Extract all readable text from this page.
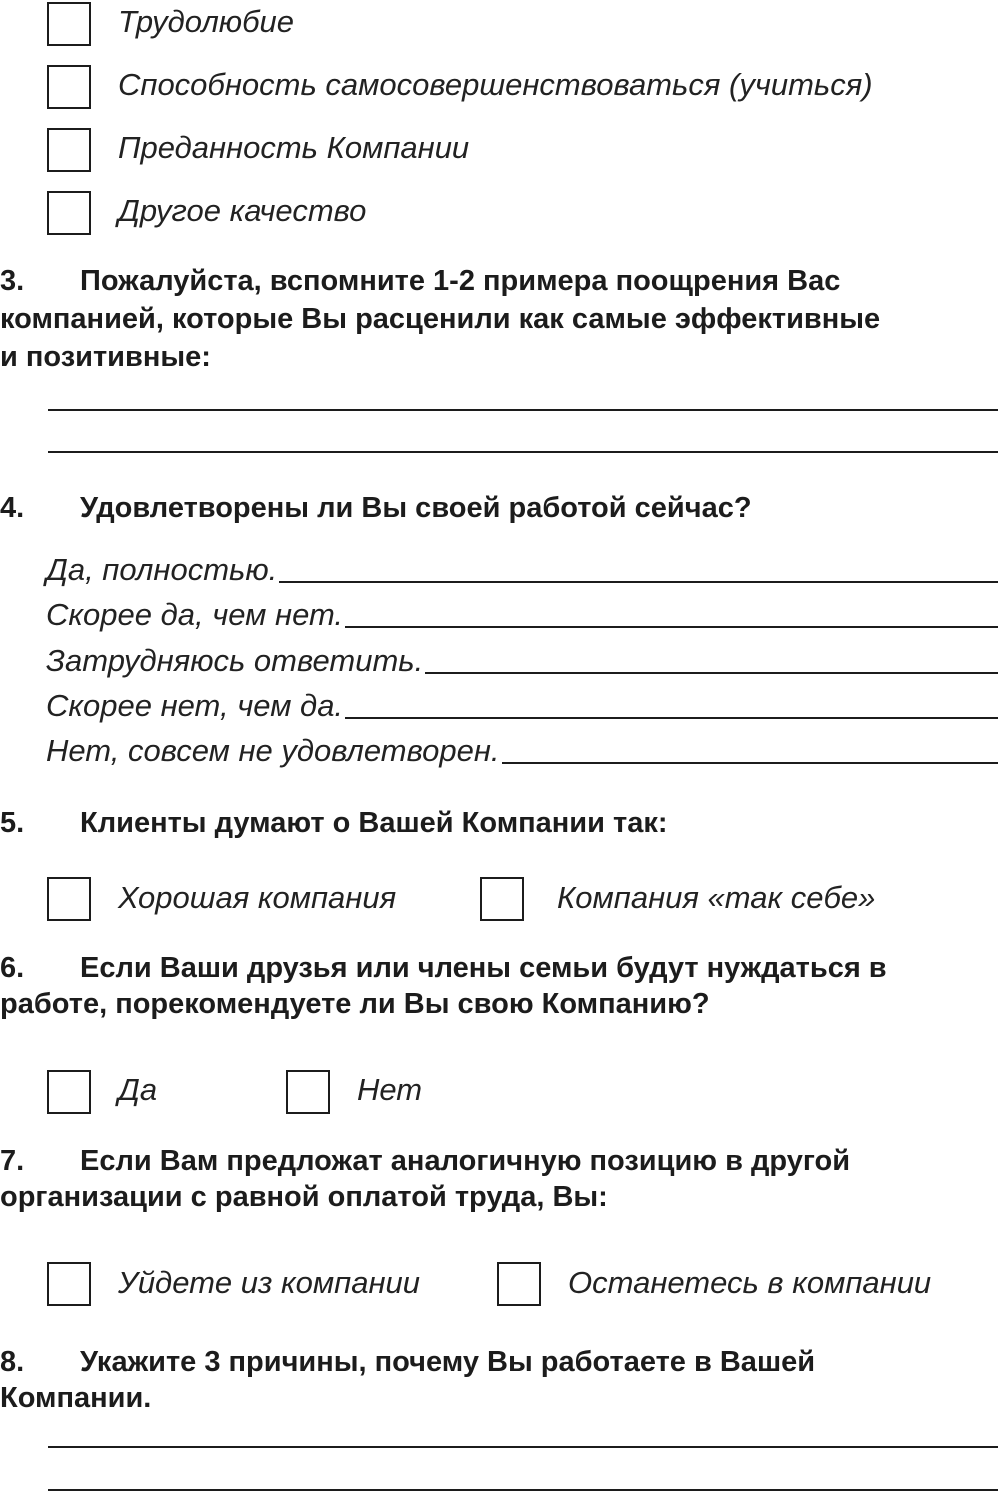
Трудолюбие
Способность самосовершенствоваться (учиться)
Преданность Компании
Другое качество
3. Пожалуйста, вспомните 1-2 примера поощрения Вас
компанией, которые Вы расценили как самые эффективные
и позитивные:
4. Удовлетворены ли Вы своей работой сейчас?
Да, полностью.
Скорее да, чем нет.
Затрудняюсь ответить.
Скорее нет, чем да.
Нет, совсем не удовлетворен.
5. Клиенты думают о Вашей Компании так:
Хорошая компания	Компания «так себе»
6. Если Ваши друзья или члены семьи будут нуждаться в
работе, порекомендуете ли Вы свою Компанию?
Да	Нет
7. Если Вам предложат аналогичную позицию в другой
организации с равной оплатой труда, Вы:
Уйдете из компании	Останетесь в компании
8. Укажите 3 причины, почему Вы работаете в Вашей
Компании.
